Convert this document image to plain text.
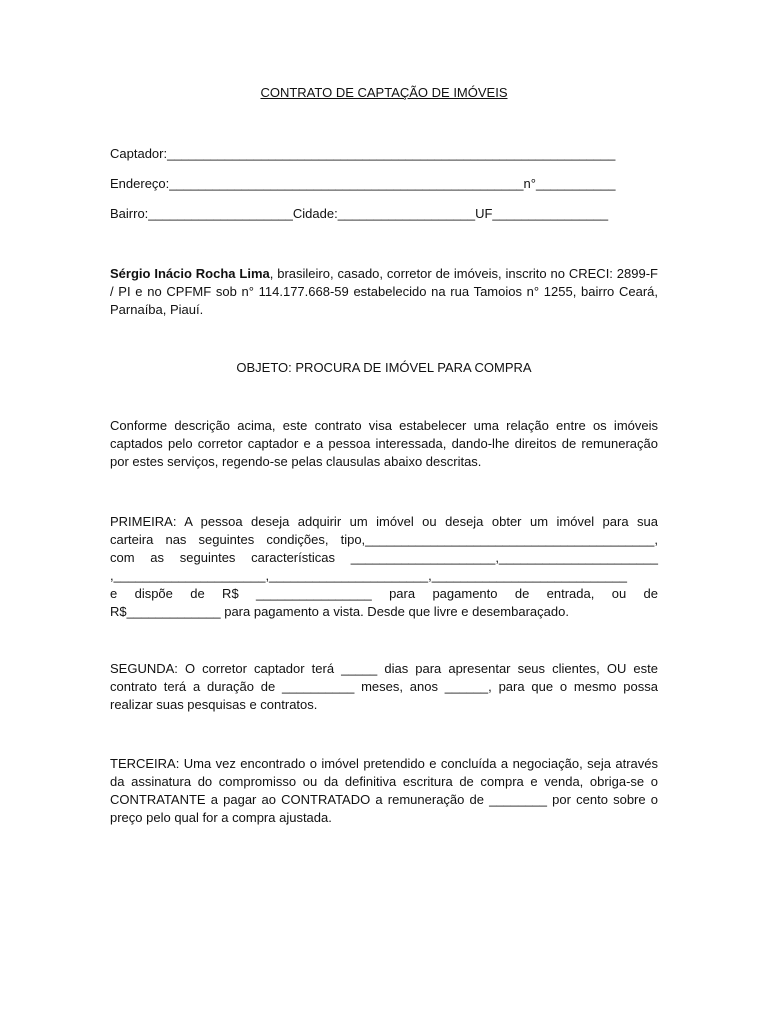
CONTRATO DE CAPTAÇÃO DE IMÓVEIS
Captador:______________________________________________________________
Endereço:_________________________________________________n°___________
Bairro:____________________Cidade:___________________UF________________

Sérgio Inácio Rocha Lima, brasileiro, casado, corretor de imóveis, inscrito no CRECI: 2899-F / PI e no CPFMF sob n° 114.177.668-59 estabelecido na rua Tamoios n° 1255, bairro Ceará, Parnaíba, Piauí.

OBJETO: PROCURA DE IMÓVEL PARA COMPRA
Conforme descrição acima, este contrato visa estabelecer uma relação entre os imóveis captados pelo corretor captador e a pessoa interessada, dando-lhe direitos de remuneração por estes serviços, regendo-se pelas clausulas abaixo descritas.
PRIMEIRA: A pessoa deseja adquirir um imóvel ou deseja obter um imóvel para sua
carteira nas seguintes condições, tipo,________________________________________,
com as seguintes características ____________________,______________________
,_____________________,______________________,___________________________
e dispõe de R$ ________________ para pagamento de entrada, ou de
R$_____________ para pagamento a vista. Desde que livre e desembaraçado.
SEGUNDA: O corretor captador terá _____ dias para apresentar seus clientes, OU este contrato terá a duração de __________ meses, anos ______, para que o mesmo possa realizar suas pesquisas e contratos.
TERCEIRA: Uma vez encontrado o imóvel pretendido e concluída a negociação, seja através da assinatura do compromisso ou da definitiva escritura de compra e venda, obriga-se o CONTRATANTE a pagar ao CONTRATADO a remuneração de ________ por cento sobre o preço pelo qual for a compra ajustada.
